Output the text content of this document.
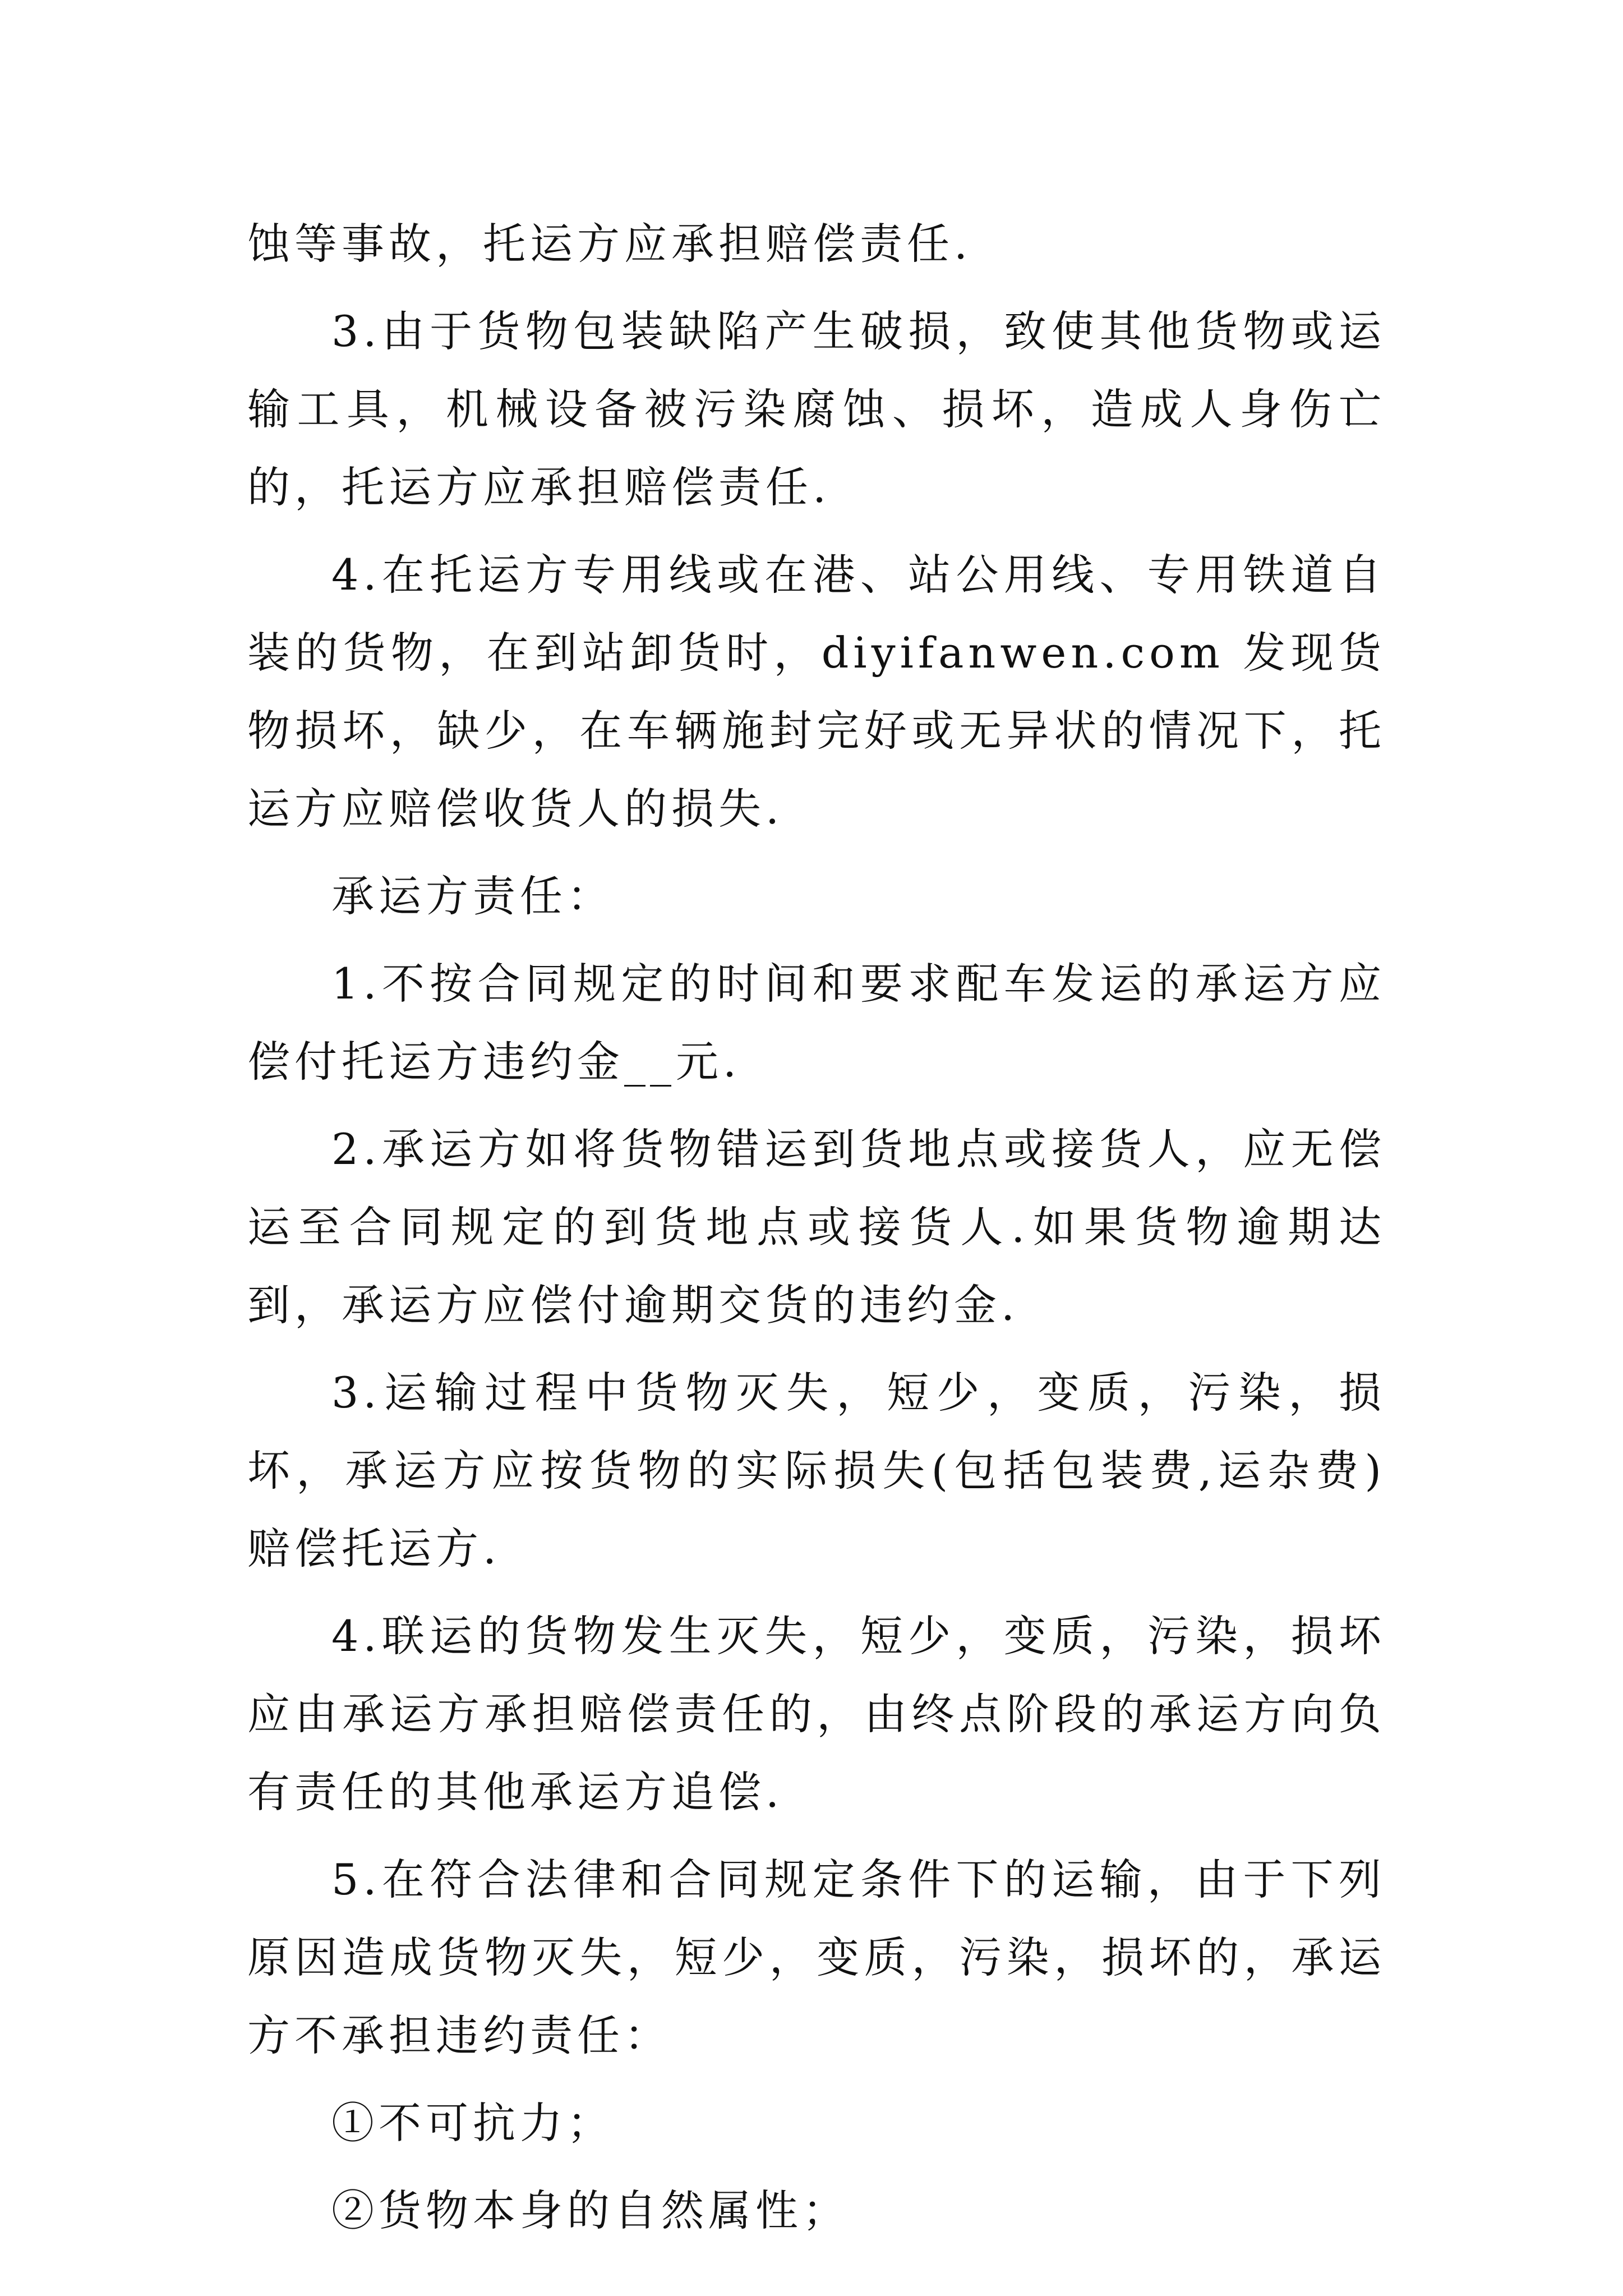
蚀等事故，托运方应承担赔偿责任.

3.由于货物包装缺陷产生破损，致使其他货物或运输工具，机械设备被污染腐蚀、损坏，造成人身伤亡的，托运方应承担赔偿责任.

4.在托运方专用线或在港、站公用线、专用铁道自装的货物，在到站卸货时，diyifanwen.com 发现货物损坏，缺少，在车辆施封完好或无异状的情况下，托运方应赔偿收货人的损失.

承运方责任：

1.不按合同规定的时间和要求配车发运的承运方应偿付托运方违约金__元.

2.承运方如将货物错运到货地点或接货人，应无偿运至合同规定的到货地点或接货人.如果货物逾期达到，承运方应偿付逾期交货的违约金.

3.运输过程中货物灭失，短少，变质，污染，损坏，承运方应按货物的实际损失(包括包装费,运杂费)赔偿托运方.

4.联运的货物发生灭失，短少，变质，污染，损坏应由承运方承担赔偿责任的，由终点阶段的承运方向负有责任的其他承运方追偿.

5.在符合法律和合同规定条件下的运输，由于下列原因造成货物灭失，短少，变质，污染，损坏的，承运方不承担违约责任：

①不可抗力；

②货物本身的自然属性；
